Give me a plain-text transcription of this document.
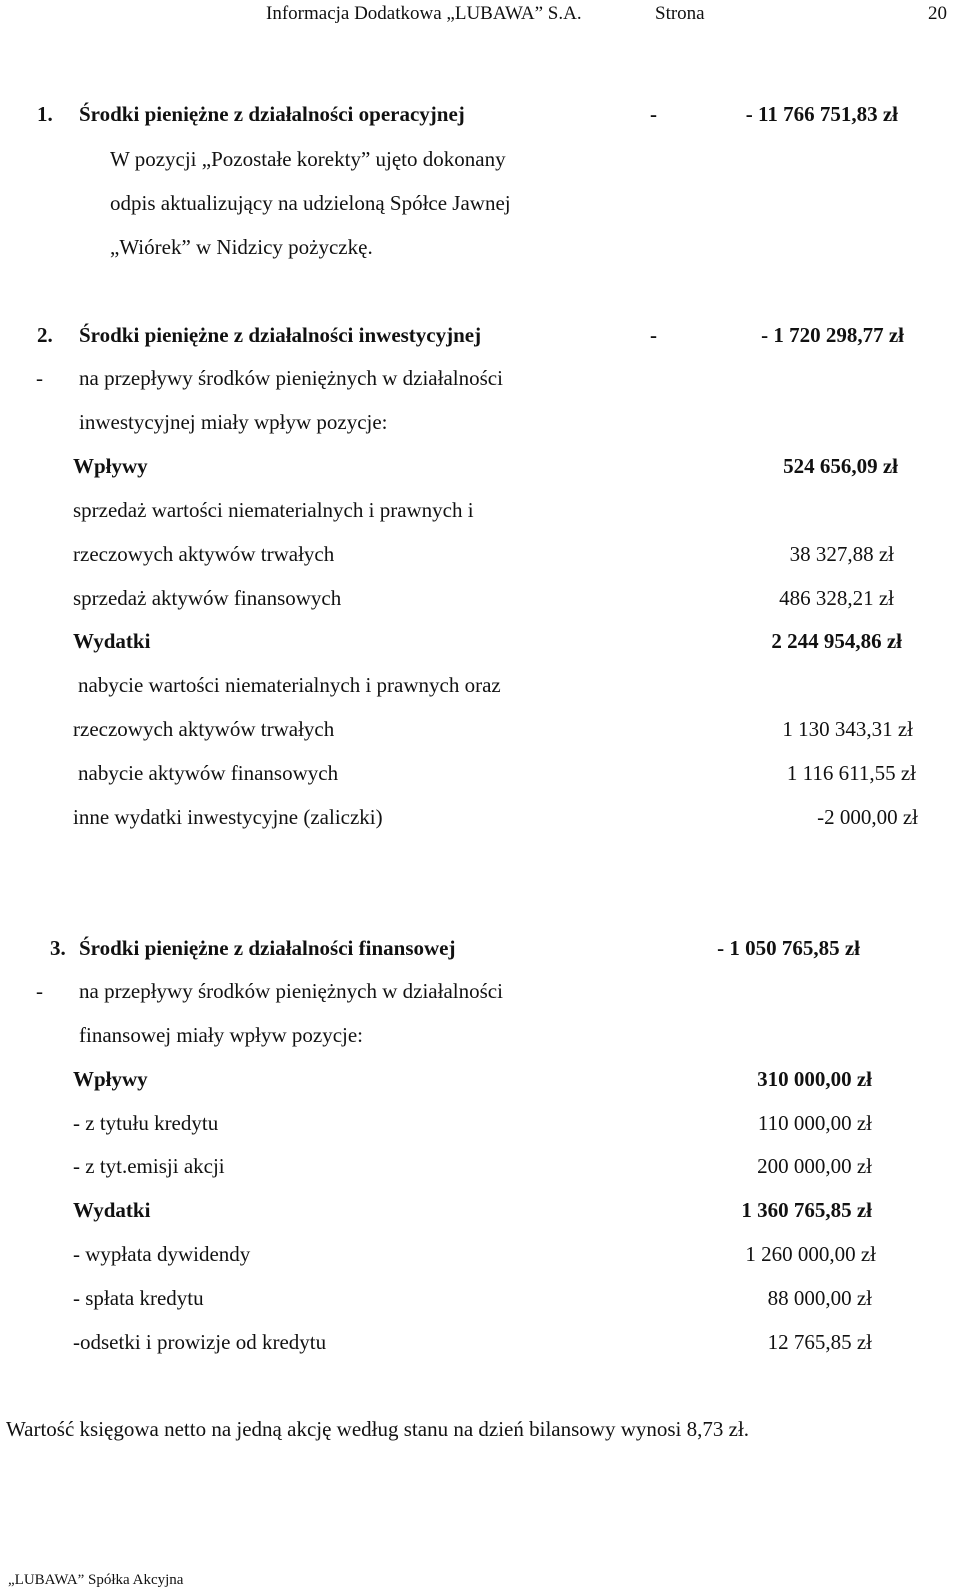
Informacja Dodatkowa „LUBAWA” S.A.	Strona	20
1. Środki pieniężne z działalności operacyjnej	-	- 11 766 751,83 zł
W pozycji „Pozostałe korekty” ujęto dokonany
odpis aktualizujący na udzieloną Spółce Jawnej
„Wiórek” w Nidzicy pożyczkę.
2. Środki pieniężne z działalności inwestycyjnej	-	- 1 720 298,77 zł
- na przepływy środków pieniężnych w działalności
inwestycyjnej miały wpływ pozycje:
Wpływy	524 656,09 zł
sprzedaż wartości niematerialnych i prawnych i
rzeczowych aktywów trwałych	38 327,88 zł
sprzedaż aktywów finansowych	486 328,21 zł
Wydatki	2 244 954,86 zł
nabycie wartości niematerialnych i prawnych oraz
rzeczowych aktywów trwałych	1 130 343,31 zł
nabycie aktywów finansowych	1 116 611,55 zł
inne wydatki inwestycyjne (zaliczki)	-2 000,00 zł
3. Środki pieniężne z działalności finansowej	- 1 050 765,85 zł
- na przepływy środków pieniężnych w działalności
finansowej miały wpływ pozycje:
Wpływy	310 000,00 zł
- z tytułu kredytu	110 000,00 zł
- z tyt.emisji akcji	200 000,00 zł
Wydatki	1 360 765,85 zł
- wypłata dywidendy	1 260 000,00 zł
- spłata kredytu	88 000,00 zł
-odsetki i prowizje od kredytu	12 765,85 zł
Wartość księgowa netto na jedną akcję według stanu na dzień bilansowy wynosi 8,73 zł.
„LUBAWA” Spółka Akcyjna
